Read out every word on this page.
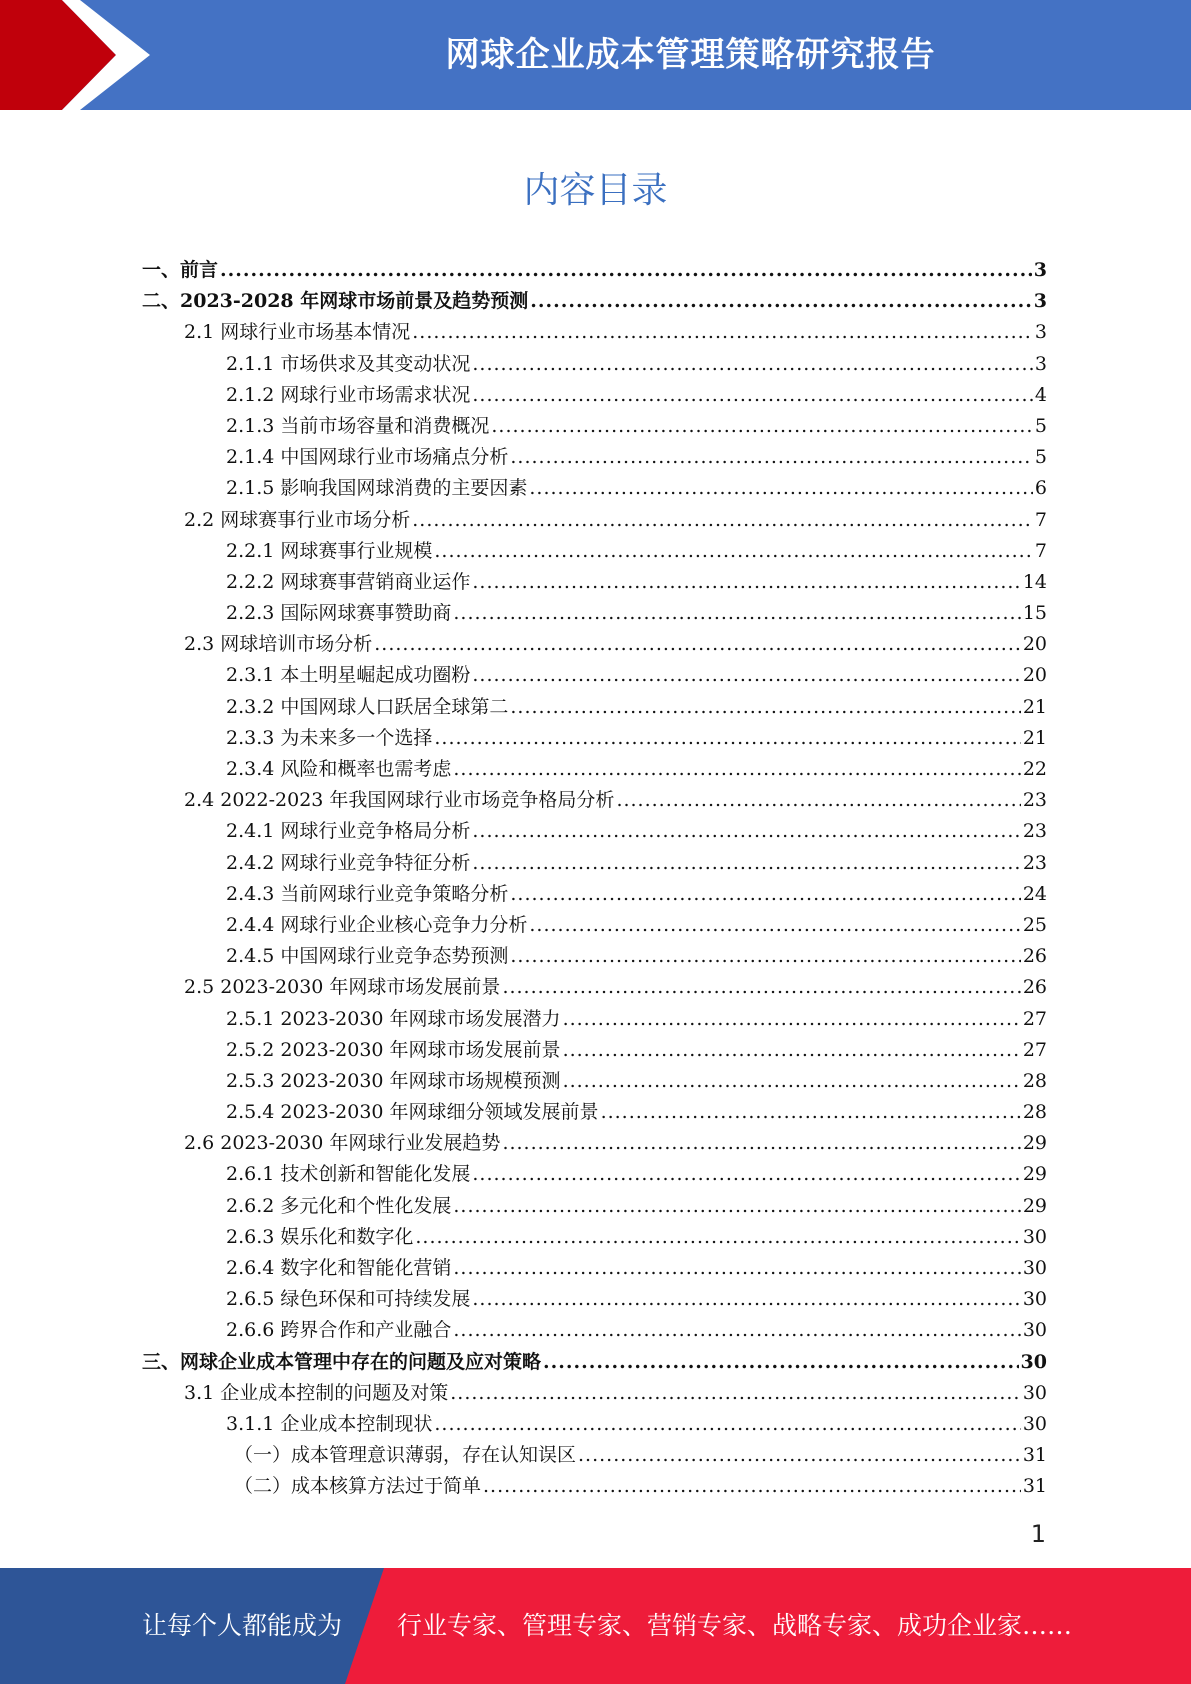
网球企业成本管理策略研究报告
内容目录
一、前言 .....	3
二、2023-2028 年网球市场前景及趋势预测 .....	3
2.1 网球行业市场基本情况 .....	3
2.1.1 市场供求及其变动状况 .....	3
2.1.2 网球行业市场需求状况 .....	4
2.1.3 当前市场容量和消费概况 .....	5
2.1.4 中国网球行业市场痛点分析 .....	5
2.1.5 影响我国网球消费的主要因素 .....	6
2.2 网球赛事行业市场分析 .....	7
2.2.1 网球赛事行业规模 .....	7
2.2.2 网球赛事营销商业运作 .....	14
2.2.3 国际网球赛事赞助商 .....	15
2.3 网球培训市场分析 .....	20
2.3.1 本土明星崛起成功圈粉 .....	20
2.3.2 中国网球人口跃居全球第二 .....	21
2.3.3 为未来多一个选择 .....	21
2.3.4 风险和概率也需考虑 .....	22
2.4 2022-2023 年我国网球行业市场竞争格局分析 .....	23
2.4.1 网球行业竞争格局分析 .....	23
2.4.2 网球行业竞争特征分析 .....	23
2.4.3 当前网球行业竞争策略分析 .....	24
2.4.4 网球行业企业核心竞争力分析 .....	25
2.4.5 中国网球行业竞争态势预测 .....	26
2.5 2023-2030 年网球市场发展前景 .....	26
2.5.1 2023-2030 年网球市场发展潜力 .....	27
2.5.2 2023-2030 年网球市场发展前景 .....	27
2.5.3 2023-2030 年网球市场规模预测 .....	28
2.5.4 2023-2030 年网球细分领域发展前景 .....	28
2.6 2023-2030 年网球行业发展趋势 .....	29
2.6.1 技术创新和智能化发展 .....	29
2.6.2 多元化和个性化发展 .....	29
2.6.3 娱乐化和数字化 .....	30
2.6.4 数字化和智能化营销 .....	30
2.6.5 绿色环保和可持续发展 .....	30
2.6.6 跨界合作和产业融合 .....	30
三、网球企业成本管理中存在的问题及应对策略 .....	30
3.1 企业成本控制的问题及对策 .....	30
3.1.1 企业成本控制现状 .....	30
（一）成本管理意识薄弱，存在认知误区 .....	31
（二）成本核算方法过于简单 .....	31
1
让每个人都能成为 行业专家、管理专家、营销专家、战略专家、成功企业家……
